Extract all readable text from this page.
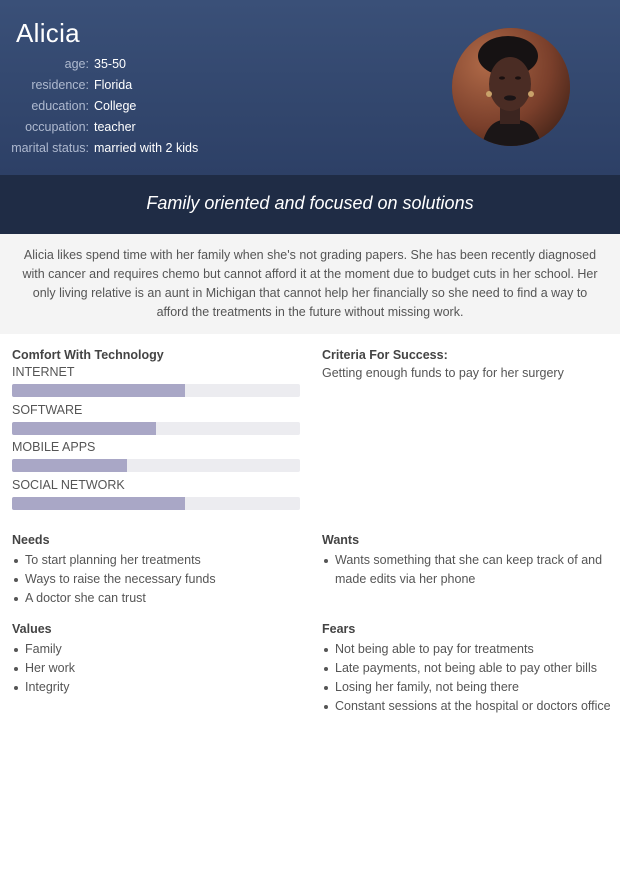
Alicia
age: 35-50
residence: Florida
education: College
occupation: teacher
marital status: married with 2 kids
Family oriented and focused on solutions
Alicia likes spend time with her family when she's not grading papers. She has been recently diagnosed with cancer and requires chemo but cannot afford it at the moment due to budget cuts in her school. Her only living relative is an aunt in Michigan that cannot help her financially so she need to find a way to afford the treatments in the future without missing work.
Comfort With Technology
INTERNET
SOFTWARE
MOBILE APPS
SOCIAL NETWORK
Criteria For Success:
Getting enough funds to pay for her surgery
Needs
To start planning her treatments
Ways to raise the necessary funds
A doctor she can trust
Wants
Wants something that she can keep track of and made edits via her phone
Values
Family
Her work
Integrity
Fears
Not being able to pay for treatments
Late payments, not being able to pay other bills
Losing her family, not being there
Constant sessions at the hospital or doctors office
